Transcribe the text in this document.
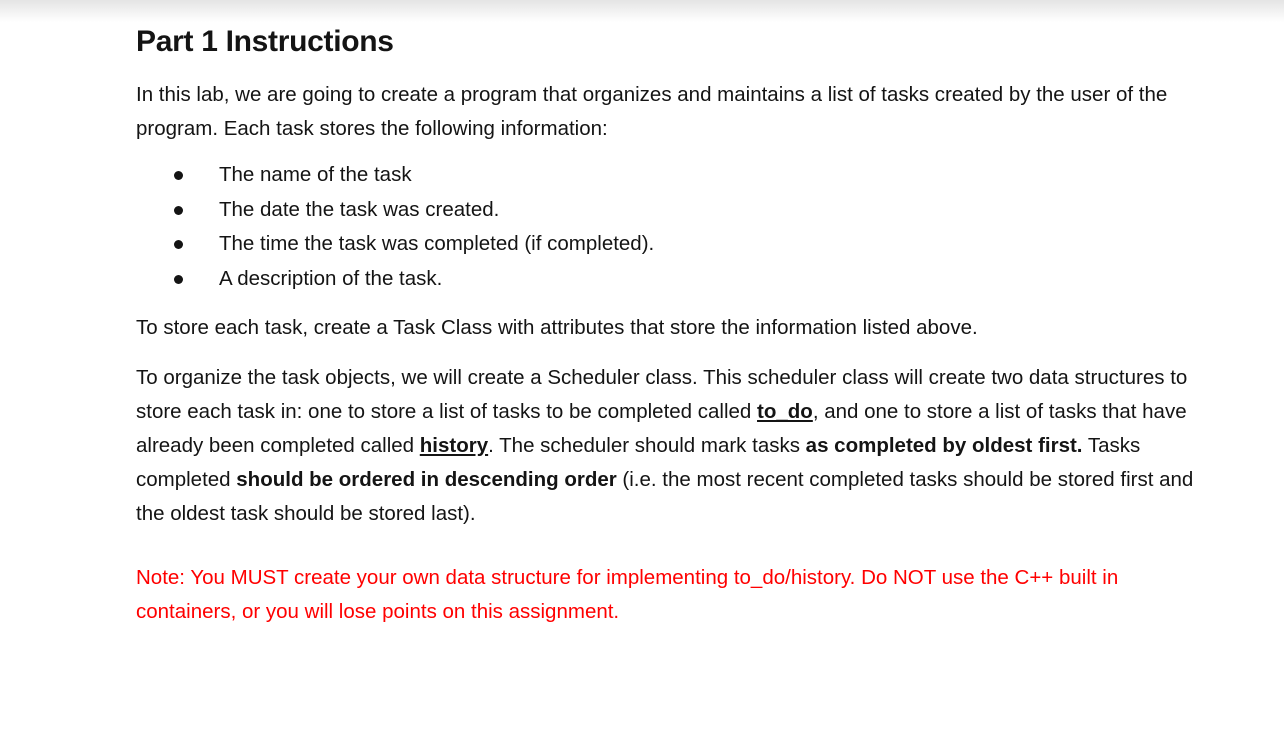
Part 1 Instructions

In this lab, we are going to create a program that organizes and maintains a list of tasks created by the user of the program. Each task stores the following information:

The name of the task
The date the task was created.
The time the task was completed (if completed).
A description of the task.

To store each task, create a Task Class with attributes that store the information listed above.

To organize the task objects, we will create a Scheduler class. This scheduler class will create two data structures to store each task in: one to store a list of tasks to be completed called to_do, and one to store a list of tasks that have already been completed called history. The scheduler should mark tasks as completed by oldest first. Tasks completed should be ordered in descending order (i.e. the most recent completed tasks should be stored first and the oldest task should be stored last).

Note: You MUST create your own data structure for implementing to_do/history. Do NOT use the C++ built in containers, or you will lose points on this assignment.
